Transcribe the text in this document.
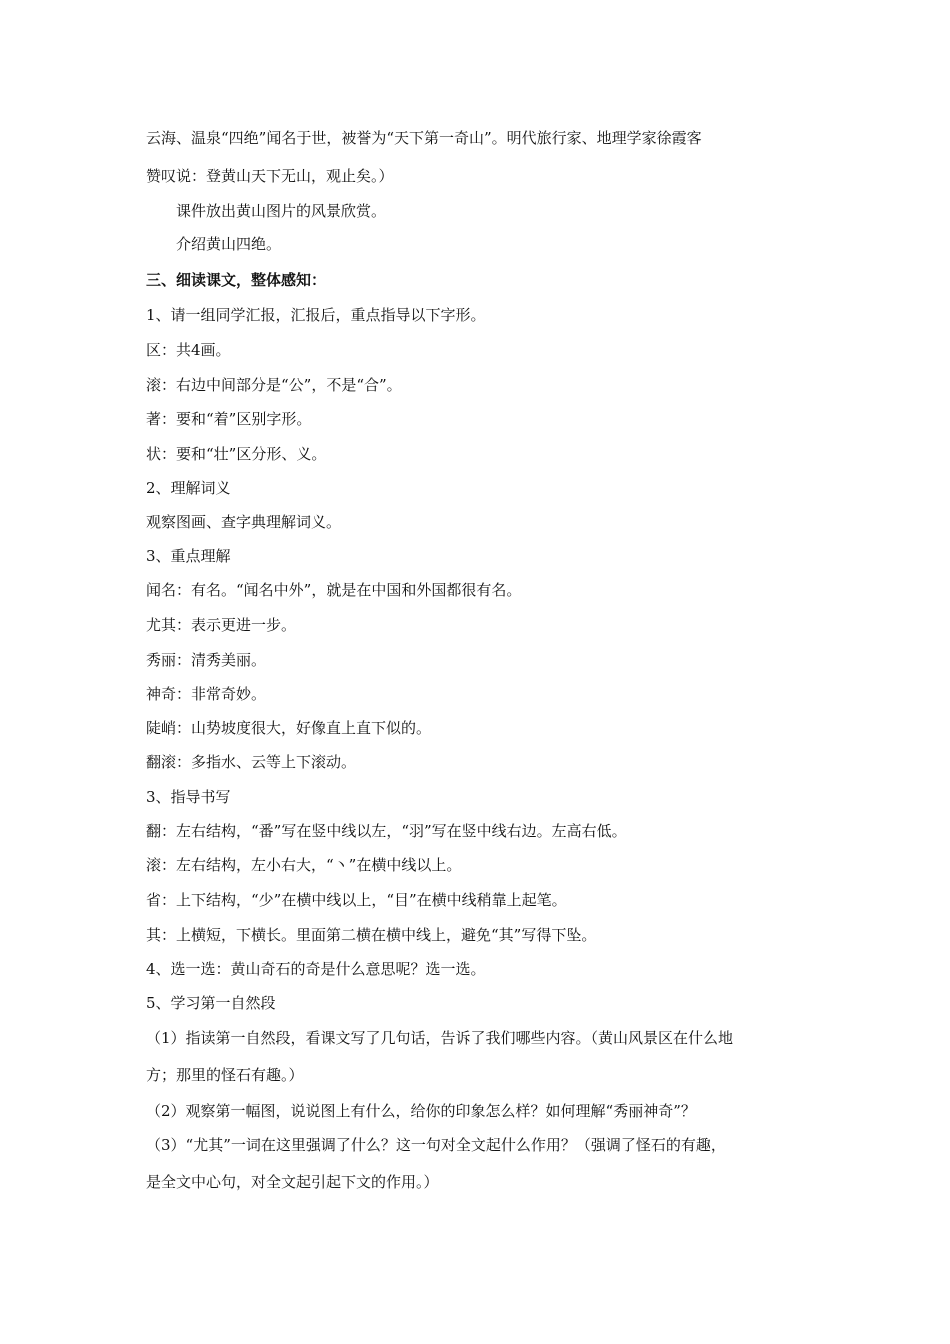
云海、温泉“四绝”闻名于世，被誉为“天下第一奇山”。明代旅行家、地理学家徐霞客
赞叹说：登黄山天下无山，观止矣。）
课件放出黄山图片的风景欣赏。
介绍黄山四绝。
三、细读课文，整体感知：
1、请一组同学汇报，汇报后，重点指导以下字形。
区：共4画。
滚：右边中间部分是“公”，不是“合”。
著：要和“着”区别字形。
状：要和“壮”区分形、义。
2、理解词义
观察图画、查字典理解词义。
3、重点理解
闻名：有名。“闻名中外”，就是在中国和外国都很有名。
尤其：表示更进一步。
秀丽：清秀美丽。
神奇：非常奇妙。
陡峭：山势坡度很大，好像直上直下似的。
翻滚：多指水、云等上下滚动。
3、指导书写
翻：左右结构，“番”写在竖中线以左，“羽”写在竖中线右边。左高右低。
滚：左右结构，左小右大，“丶”在横中线以上。
省：上下结构，“少”在横中线以上，“目”在横中线稍靠上起笔。
其：上横短，下横长。里面第二横在横中线上，避免“其”写得下坠。
4、选一选：黄山奇石的奇是什么意思呢？选一选。
5、学习第一自然段
（1）指读第一自然段，看课文写了几句话，告诉了我们哪些内容。（黄山风景区在什么地
方；那里的怪石有趣。）
（2）观察第一幅图，说说图上有什么，给你的印象怎么样？如何理解“秀丽神奇”？
（3）“尤其”一词在这里强调了什么？这一句对全文起什么作用？（强调了怪石的有趣，
是全文中心句，对全文起引起下文的作用。）
